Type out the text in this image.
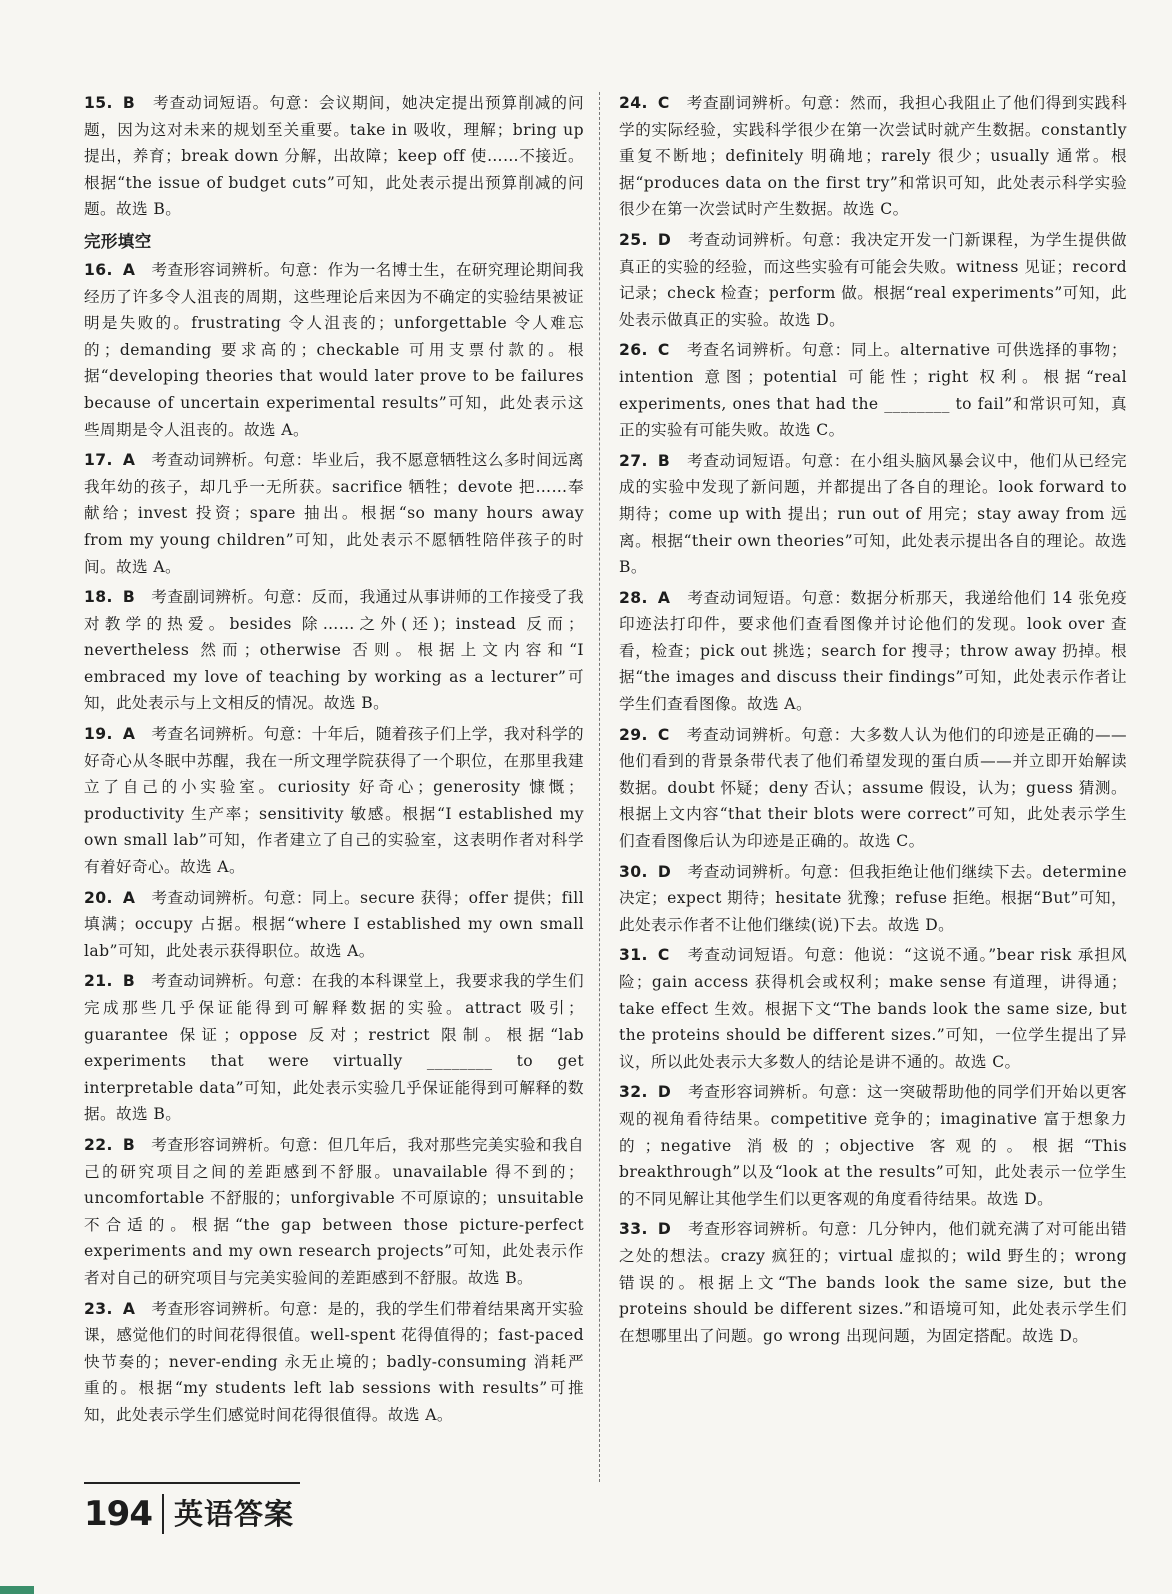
15. B 考查动词短语。句意：会议期间，她决定提出预算削减的问题，因为这对未来的规划至关重要。take in 吸收，理解；bring up 提出，养育；break down 分解，出故障；keep off 使……不接近。根据“the issue of budget cuts”可知，此处表示提出预算削减的问题。故选 B。
完形填空
16. A 考查形容词辨析。句意：作为一名博士生，在研究理论期间我经历了许多令人沮丧的周期，这些理论后来因为不确定的实验结果被证明是失败的。frustrating 令人沮丧的；unforgettable 令人难忘的；demanding 要求高的；checkable 可用支票付款的。根据“developing theories that would later prove to be failures because of uncertain experimental results”可知，此处表示这些周期是令人沮丧的。故选 A。
17. A 考查动词辨析。句意：毕业后，我不愿意牺牲这么多时间远离我年幼的孩子，却几乎一无所获。sacrifice 牺牲；devote 把……奉献给；invest 投资；spare 抽出。根据“so many hours away from my young children”可知，此处表示不愿牺牲陪伴孩子的时间。故选 A。
18. B 考查副词辨析。句意：反而，我通过从事讲师的工作接受了我对教学的热爱。besides 除……之外(还)；instead 反而；nevertheless 然而；otherwise 否则。根据上文内容和“I embraced my love of teaching by working as a lecturer”可知，此处表示与上文相反的情况。故选 B。
19. A 考查名词辨析。句意：十年后，随着孩子们上学，我对科学的好奇心从冬眠中苏醒，我在一所文理学院获得了一个职位，在那里我建立了自己的小实验室。curiosity 好奇心；generosity 慷慨；productivity 生产率；sensitivity 敏感。根据“I established my own small lab”可知，作者建立了自己的实验室，这表明作者对科学有着好奇心。故选 A。
20. A 考查动词辨析。句意：同上。secure 获得；offer 提供；fill 填满；occupy 占据。根据“where I established my own small lab”可知，此处表示获得职位。故选 A。
21. B 考查动词辨析。句意：在我的本科课堂上，我要求我的学生们完成那些几乎保证能得到可解释数据的实验。attract 吸引；guarantee 保证；oppose 反对；restrict 限制。根据“lab experiments that were virtually ________ to get interpretable data”可知，此处表示实验几乎保证能得到可解释的数据。故选 B。
22. B 考查形容词辨析。句意：但几年后，我对那些完美实验和我自己的研究项目之间的差距感到不舒服。unavailable 得不到的；uncomfortable 不舒服的；unforgivable 不可原谅的；unsuitable 不合适的。根据“the gap between those picture-perfect experiments and my own research projects”可知，此处表示作者对自己的研究项目与完美实验间的差距感到不舒服。故选 B。
23. A 考查形容词辨析。句意：是的，我的学生们带着结果离开实验课，感觉他们的时间花得很值。well-spent 花得值得的；fast-paced 快节奏的；never-ending 永无止境的；badly-consuming 消耗严重的。根据“my students left lab sessions with results”可推知，此处表示学生们感觉时间花得很值得。故选 A。
24. C 考查副词辨析。句意：然而，我担心我阻止了他们得到实践科学的实际经验，实践科学很少在第一次尝试时就产生数据。constantly 重复不断地；definitely 明确地；rarely 很少；usually 通常。根据“produces data on the first try”和常识可知，此处表示科学实验很少在第一次尝试时产生数据。故选 C。
25. D 考查动词辨析。句意：我决定开发一门新课程，为学生提供做真正的实验的经验，而这些实验有可能会失败。witness 见证；record 记录；check 检查；perform 做。根据“real experiments”可知，此处表示做真正的实验。故选 D。
26. C 考查名词辨析。句意：同上。alternative 可供选择的事物；intention 意图；potential 可能性；right 权利。根据“real experiments, ones that had the ________ to fail”和常识可知，真正的实验有可能失败。故选 C。
27. B 考查动词短语。句意：在小组头脑风暴会议中，他们从已经完成的实验中发现了新问题，并都提出了各自的理论。look forward to 期待；come up with 提出；run out of 用完；stay away from 远离。根据“their own theories”可知，此处表示提出各自的理论。故选 B。
28. A 考查动词短语。句意：数据分析那天，我递给他们 14 张免疫印迹法打印件，要求他们查看图像并讨论他们的发现。look over 查看，检查；pick out 挑选；search for 搜寻；throw away 扔掉。根据“the images and discuss their findings”可知，此处表示作者让学生们查看图像。故选 A。
29. C 考查动词辨析。句意：大多数人认为他们的印迹是正确的——他们看到的背景条带代表了他们希望发现的蛋白质——并立即开始解读数据。doubt 怀疑；deny 否认；assume 假设，认为；guess 猜测。根据上文内容“that their blots were correct”可知，此处表示学生们查看图像后认为印迹是正确的。故选 C。
30. D 考查动词辨析。句意：但我拒绝让他们继续下去。determine 决定；expect 期待；hesitate 犹豫；refuse 拒绝。根据“But”可知，此处表示作者不让他们继续(说)下去。故选 D。
31. C 考查动词短语。句意：他说：“这说不通。”bear risk 承担风险；gain access 获得机会或权利；make sense 有道理，讲得通；take effect 生效。根据下文“The bands look the same size, but the proteins should be different sizes.”可知，一位学生提出了异议，所以此处表示大多数人的结论是讲不通的。故选 C。
32. D 考查形容词辨析。句意：这一突破帮助他的同学们开始以更客观的视角看待结果。competitive 竞争的；imaginative 富于想象力的；negative 消极的；objective 客观的。根据“This breakthrough”以及“look at the results”可知，此处表示一位学生的不同见解让其他学生们以更客观的角度看待结果。故选 D。
33. D 考查形容词辨析。句意：几分钟内，他们就充满了对可能出错之处的想法。crazy 疯狂的；virtual 虚拟的；wild 野生的；wrong 错误的。根据上文“The bands look the same size, but the proteins should be different sizes.”和语境可知，此处表示学生们在想哪里出了问题。go wrong 出现问题，为固定搭配。故选 D。
194 英语答案
